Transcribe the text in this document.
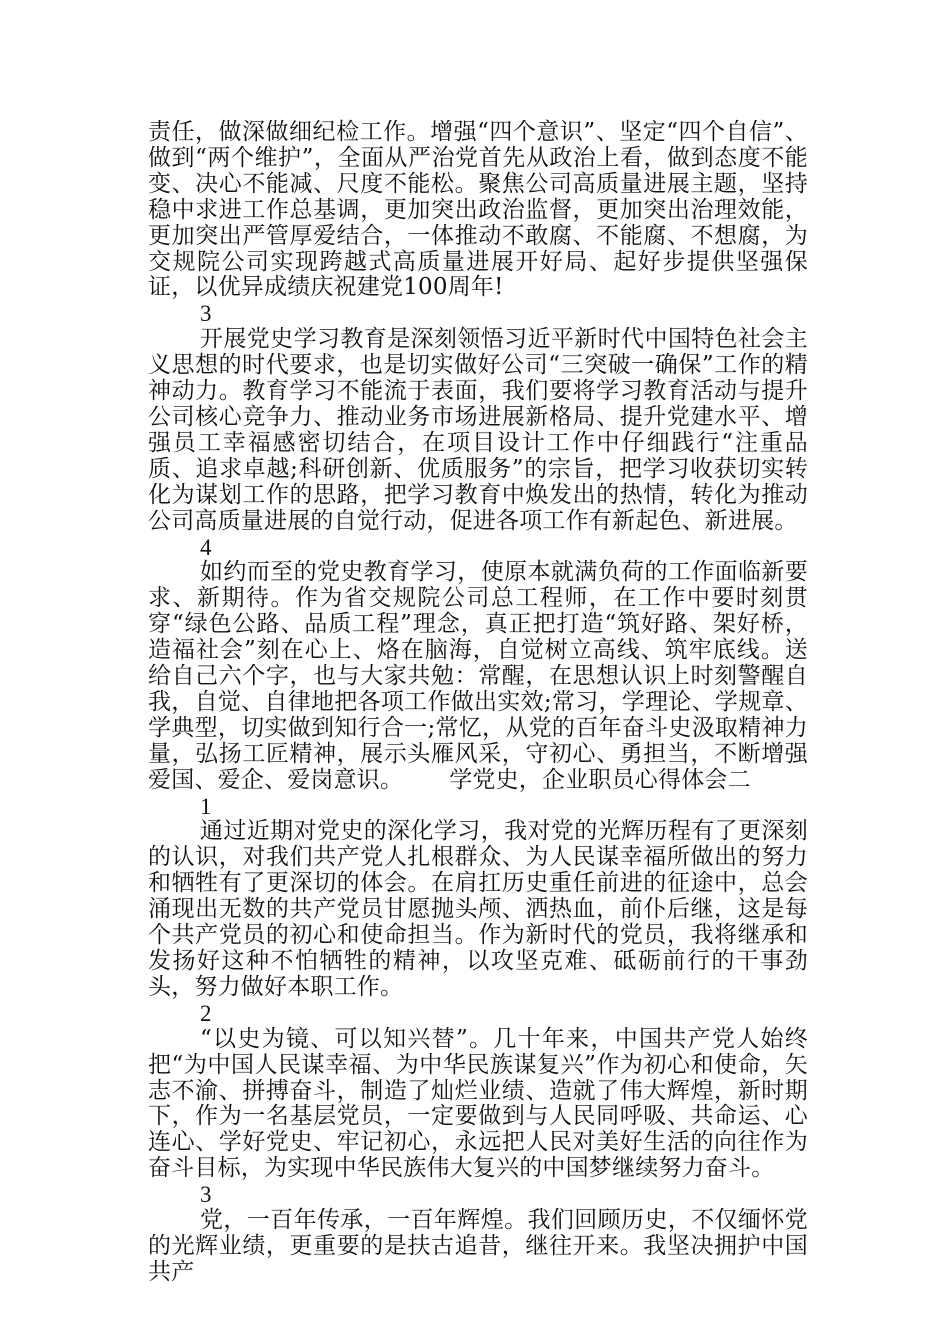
责任，做深做细纪检工作。增强“四个意识”、坚定“四个自信”、做到“两个维护”，全面从严治党首先从政治上看，做到态度不能变、决心不能减、尺度不能松。聚焦公司高质量进展主题，坚持稳中求进工作总基调，更加突出政治监督，更加突出治理效能，更加突出严管厚爱结合，一体推动不敢腐、不能腐、不想腐，为交规院公司实现跨越式高质量进展开好局、起好步提供坚强保证，以优异成绩庆祝建党100周年!

3

开展党史学习教育是深刻领悟习近平新时代中国特色社会主义思想的时代要求，也是切实做好公司“三突破一确保”工作的精神动力。教育学习不能流于表面，我们要将学习教育活动与提升公司核心竞争力、推动业务市场进展新格局、提升党建水平、增强员工幸福感密切结合，在项目设计工作中仔细践行“注重品质、追求卓越;科研创新、优质服务”的宗旨，把学习收获切实转化为谋划工作的思路，把学习教育中焕发出的热情，转化为推动公司高质量进展的自觉行动，促进各项工作有新起色、新进展。

4

如约而至的党史教育学习，使原本就满负荷的工作面临新要求、新期待。作为省交规院公司总工程师，在工作中要时刻贯穿“绿色公路、品质工程”理念，真正把打造“筑好路、架好桥，造福社会”刻在心上、烙在脑海，自觉树立高线、筑牢底线。送给自己六个字，也与大家共勉：常醒，在思想认识上时刻警醒自我，自觉、自律地把各项工作做出实效;常习，学理论、学规章、学典型，切实做到知行合一;常忆，从党的百年奋斗史汲取精神力量，弘扬工匠精神，展示头雁风采，守初心、勇担当，不断增强爱国、爱企、爱岗意识。 学党史，企业职员心得体会二

1

通过近期对党史的深化学习，我对党的光辉历程有了更深刻的认识，对我们共产党人扎根群众、为人民谋幸福所做出的努力和牺牲有了更深切的体会。在肩扛历史重任前进的征途中，总会涌现出无数的共产党员甘愿抛头颅、洒热血，前仆后继，这是每个共产党员的初心和使命担当。作为新时代的党员，我将继承和发扬好这种不怕牺牲的精神，以攻坚克难、砥砺前行的干事劲头，努力做好本职工作。

2

“以史为镜、可以知兴替”。几十年来，中国共产党人始终把“为中国人民谋幸福、为中华民族谋复兴”作为初心和使命，矢志不渝、拼搏奋斗，制造了灿烂业绩、造就了伟大辉煌，新时期下，作为一名基层党员，一定要做到与人民同呼吸、共命运、心连心、学好党史、牢记初心，永远把人民对美好生活的向往作为奋斗目标，为实现中华民族伟大复兴的中国梦继续努力奋斗。

3

党，一百年传承，一百年辉煌。我们回顾历史，不仅缅怀党的光辉业绩，更重要的是扶古追昔，继往开来。我坚决拥护中国共产
